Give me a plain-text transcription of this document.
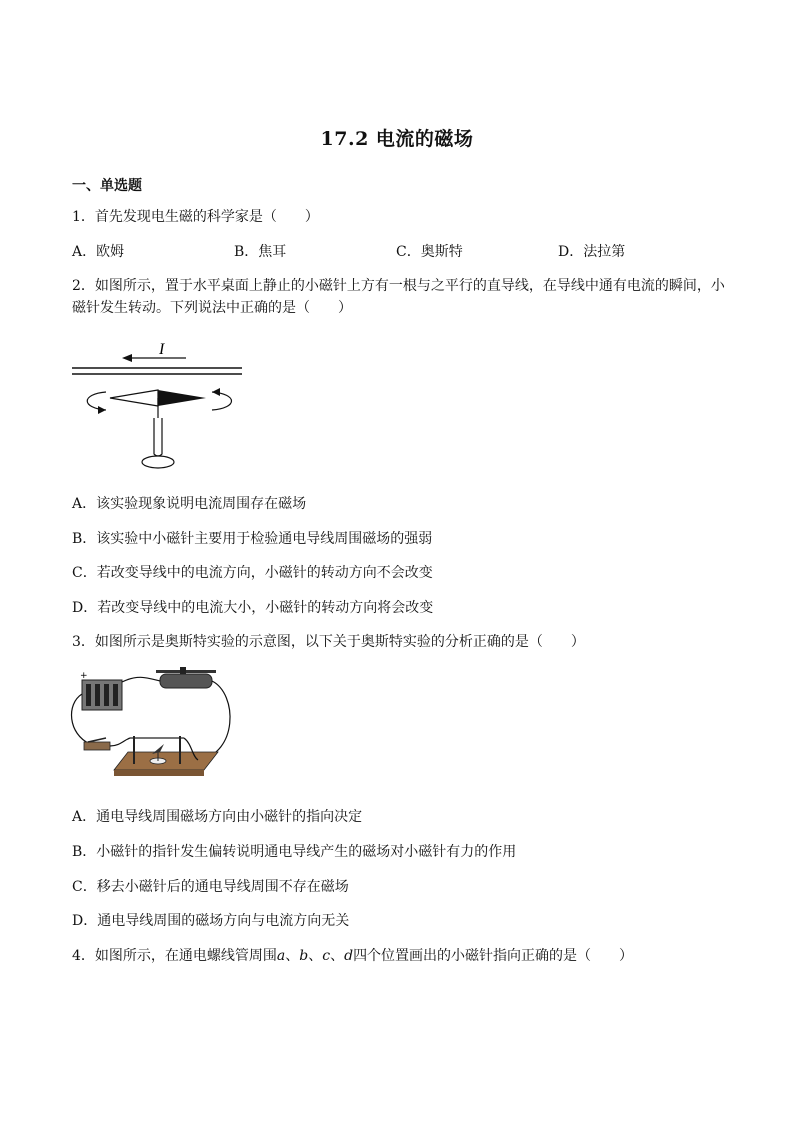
17.2 电流的磁场
一、单选题
1．首先发现电生磁的科学家是（　　）
A．欧姆	B．焦耳	C．奥斯特	D．法拉第
2．如图所示，置于水平桌面上静止的小磁针上方有一根与之平行的直导线，在导线中通有电流的瞬间，小
磁针发生转动。下列说法中正确的是（　　）
I
A．该实验现象说明电流周围存在磁场
B．该实验中小磁针主要用于检验通电导线周围磁场的强弱
C．若改变导线中的电流方向，小磁针的转动方向不会改变
D．若改变导线中的电流大小，小磁针的转动方向将会改变
3．如图所示是奥斯特实验的示意图，以下关于奥斯特实验的分析正确的是（　　）
+
A．通电导线周围磁场方向由小磁针的指向决定
B．小磁针的指针发生偏转说明通电导线产生的磁场对小磁针有力的作用
C．移去小磁针后的通电导线周围不存在磁场
D．通电导线周围的磁场方向与电流方向无关
4．如图所示，在通电螺线管周围a、b、c、d四个位置画出的小磁针指向正确的是（　　）
